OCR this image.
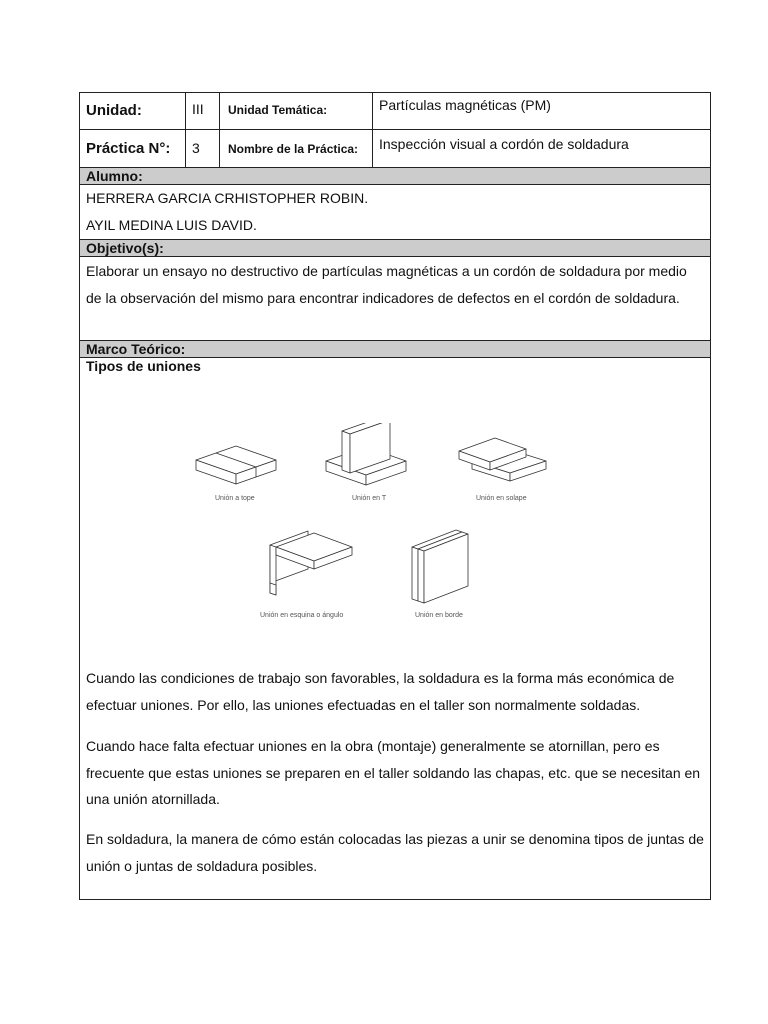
Unidad:	III	Unidad Temática:	Partículas magnéticas (PM)
Práctica N°:	3	Nombre de la Práctica:	Inspección visual a cordón de soldadura
Alumno:

HERRERA GARCIA CRHISTOPHER ROBIN.

AYIL MEDINA LUIS DAVID.

Objetivo(s):
Elaborar un ensayo no destructivo de partículas magnéticas a un cordón de soldadura por medio de la observación del mismo para encontrar indicadores de defectos en el cordón de soldadura.
Marco Teórico:

Tipos de uniones

Unión a tope	Unión en T	Unión en solape
Unión en esquina o ángulo	Unión en borde

Cuando las condiciones de trabajo son favorables, la soldadura es la forma más económica de efectuar uniones. Por ello, las uniones efectuadas en el taller son normalmente soldadas.

Cuando hace falta efectuar uniones en la obra (montaje) generalmente se atornillan, pero es frecuente que estas uniones se preparen en el taller soldando las chapas, etc. que se necesitan en una unión atornillada.

En soldadura, la manera de cómo están colocadas las piezas a unir se denomina tipos de juntas de unión o juntas de soldadura posibles.
